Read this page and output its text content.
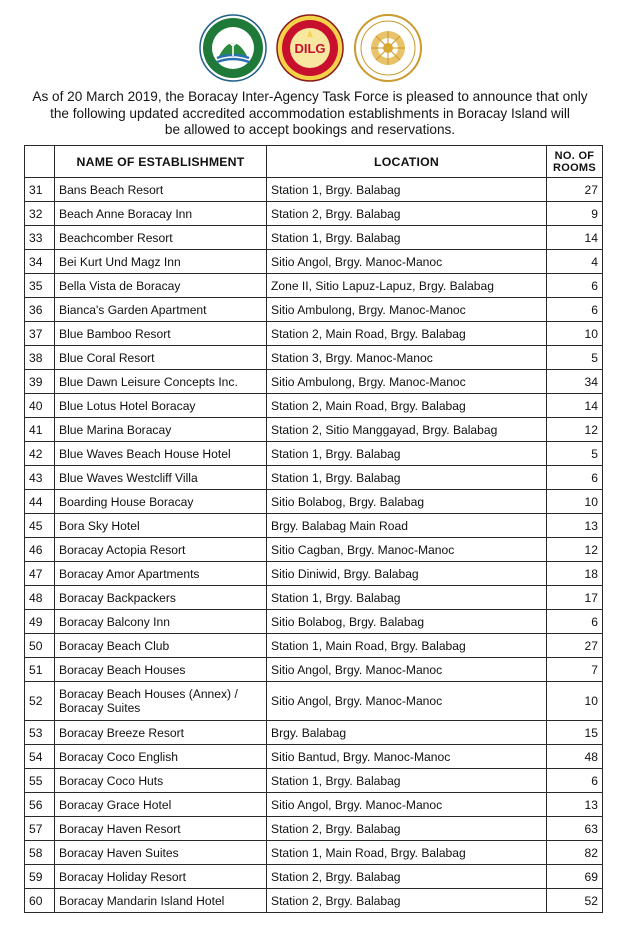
DILG
As of 20 March 2019, the Boracay Inter-Agency Task Force is pleased to announce that only
the following updated accredited accommodation establishments in Boracay Island will
be allowed to accept bookings and reservations.
	NAME OF ESTABLISHMENT	LOCATION	NO. OF ROOMS
31	Bans Beach Resort	Station 1, Brgy. Balabag	27
32	Beach Anne Boracay Inn	Station 2, Brgy. Balabag	9
33	Beachcomber Resort	Station 1, Brgy. Balabag	14
34	Bei Kurt Und Magz Inn	Sitio Angol, Brgy. Manoc-Manoc	4
35	Bella Vista de Boracay	Zone II, Sitio Lapuz-Lapuz, Brgy. Balabag	6
36	Bianca's Garden Apartment	Sitio Ambulong, Brgy. Manoc-Manoc	6
37	Blue Bamboo Resort	Station 2, Main Road, Brgy. Balabag	10
38	Blue Coral Resort	Station 3, Brgy. Manoc-Manoc	5
39	Blue Dawn Leisure Concepts Inc.	Sitio Ambulong, Brgy. Manoc-Manoc	34
40	Blue Lotus Hotel Boracay	Station 2, Main Road, Brgy. Balabag	14
41	Blue Marina Boracay	Station 2, Sitio Manggayad, Brgy. Balabag	12
42	Blue Waves Beach House Hotel	Station 1, Brgy. Balabag	5
43	Blue Waves Westcliff Villa	Station 1, Brgy. Balabag	6
44	Boarding House Boracay	Sitio Bolabog, Brgy. Balabag	10
45	Bora Sky Hotel	Brgy. Balabag Main Road	13
46	Boracay Actopia Resort	Sitio Cagban, Brgy. Manoc-Manoc	12
47	Boracay Amor Apartments	Sitio Diniwid, Brgy. Balabag	18
48	Boracay Backpackers	Station 1, Brgy. Balabag	17
49	Boracay Balcony Inn	Sitio Bolabog, Brgy. Balabag	6
50	Boracay Beach Club	Station 1, Main Road, Brgy. Balabag	27
51	Boracay Beach Houses	Sitio Angol, Brgy. Manoc-Manoc	7
52	Boracay Beach Houses (Annex) / Boracay Suites	Sitio Angol, Brgy. Manoc-Manoc	10
53	Boracay Breeze Resort	Brgy. Balabag	15
54	Boracay Coco English	Sitio Bantud, Brgy. Manoc-Manoc	48
55	Boracay Coco Huts	Station 1, Brgy. Balabag	6
56	Boracay Grace Hotel	Sitio Angol, Brgy. Manoc-Manoc	13
57	Boracay Haven Resort	Station 2, Brgy. Balabag	63
58	Boracay Haven Suites	Station 1, Main Road, Brgy. Balabag	82
59	Boracay Holiday Resort	Station 2, Brgy. Balabag	69
60	Boracay Mandarin Island Hotel	Station 2, Brgy. Balabag	52
